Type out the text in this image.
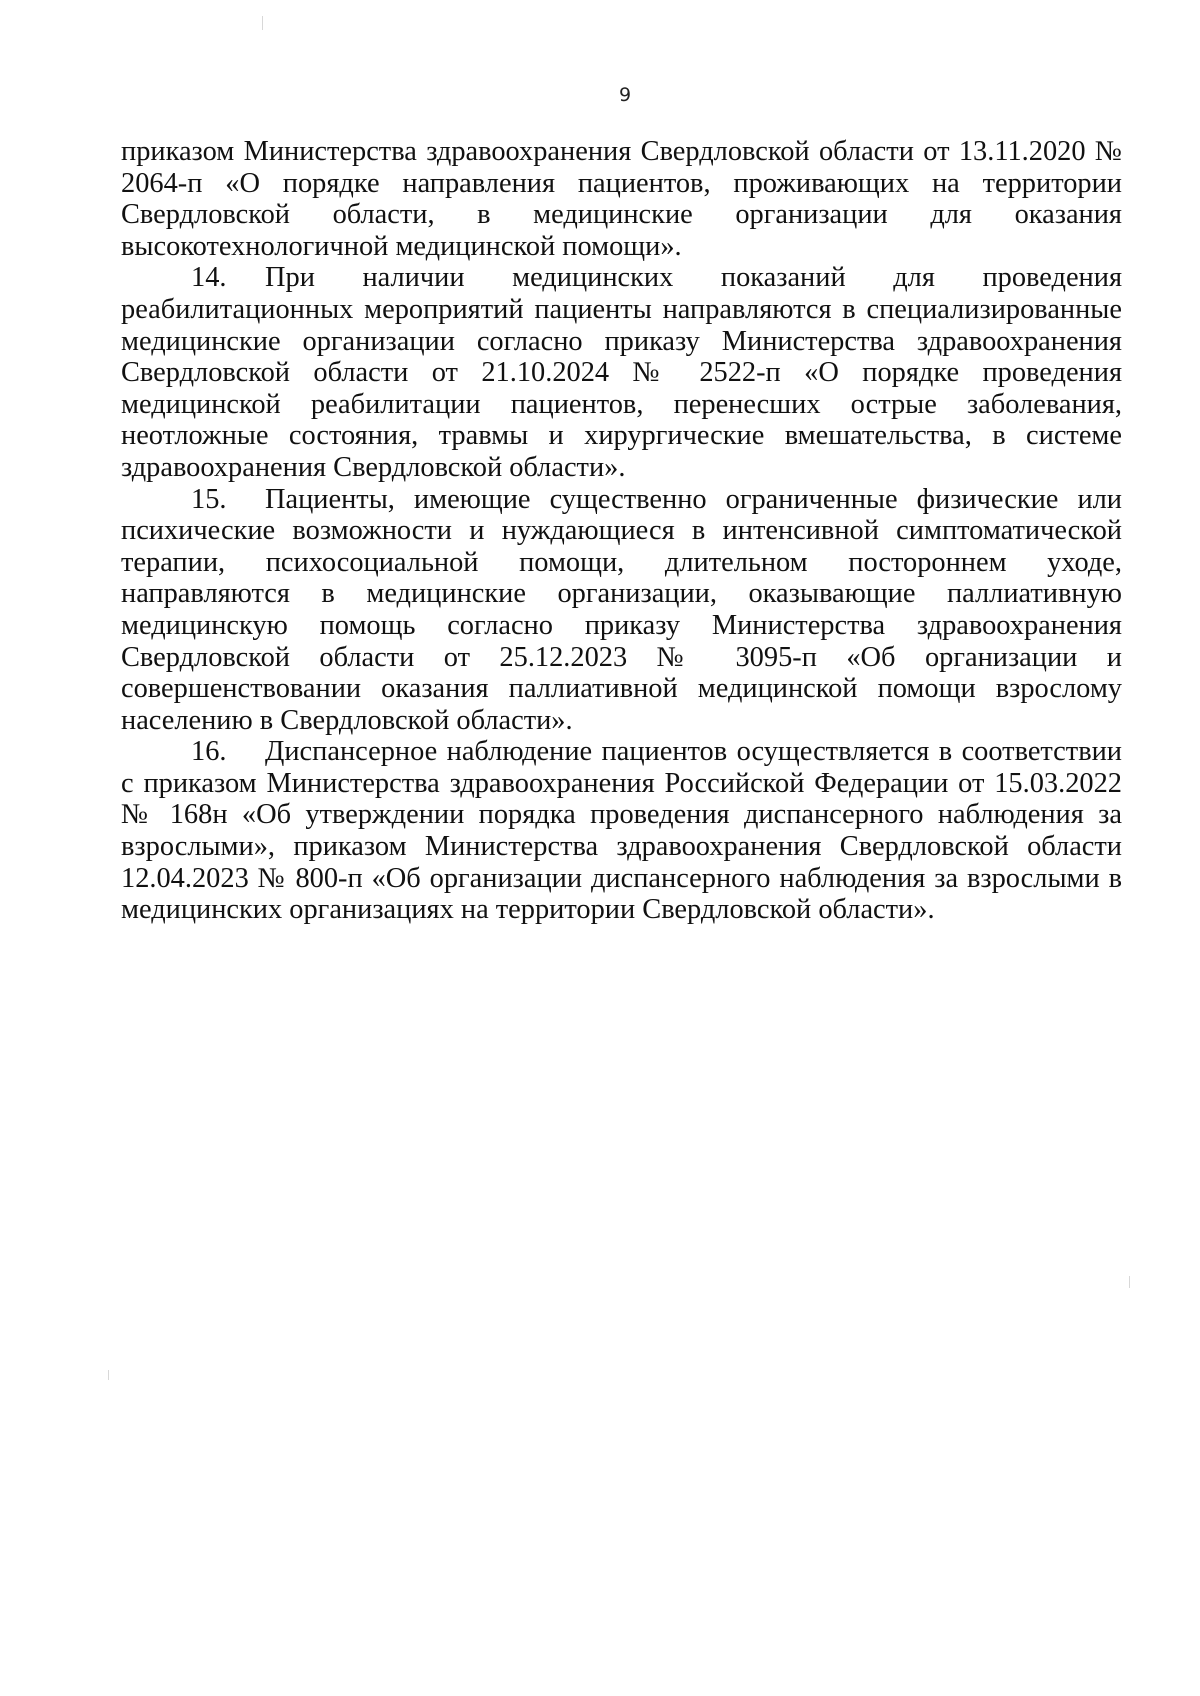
9

приказом Министерства здравоохранения Свердловской области от 13.11.2020 № 2064-п «О порядке направления пациентов, проживающих на территории Свердловской области, в медицинские организации для оказания высокотехнологичной медицинской помощи».

14. При наличии медицинских показаний для проведения реабилитационных мероприятий пациенты направляются в специализированные медицинские организации согласно приказу Министерства здравоохранения Свердловской области от 21.10.2024 № 2522-п «О порядке проведения медицинской реабилитации пациентов, перенесших острые заболевания, неотложные состояния, травмы и хирургические вмешательства, в системе здравоохранения Свердловской области».

15. Пациенты, имеющие существенно ограниченные физические или психические возможности и нуждающиеся в интенсивной симптоматической терапии, психосоциальной помощи, длительном постороннем уходе, направляются в медицинские организации, оказывающие паллиативную медицинскую помощь согласно приказу Министерства здравоохранения Свердловской области от 25.12.2023 № 3095-п «Об организации и совершенствовании оказания паллиативной медицинской помощи взрослому населению в Свердловской области».

16. Диспансерное наблюдение пациентов осуществляется в соответствии с приказом Министерства здравоохранения Российской Федерации от 15.03.2022 № 168н «Об утверждении порядка проведения диспансерного наблюдения за взрослыми», приказом Министерства здравоохранения Свердловской области 12.04.2023 № 800-п «Об организации диспансерного наблюдения за взрослыми в медицинских организациях на территории Свердловской области».
